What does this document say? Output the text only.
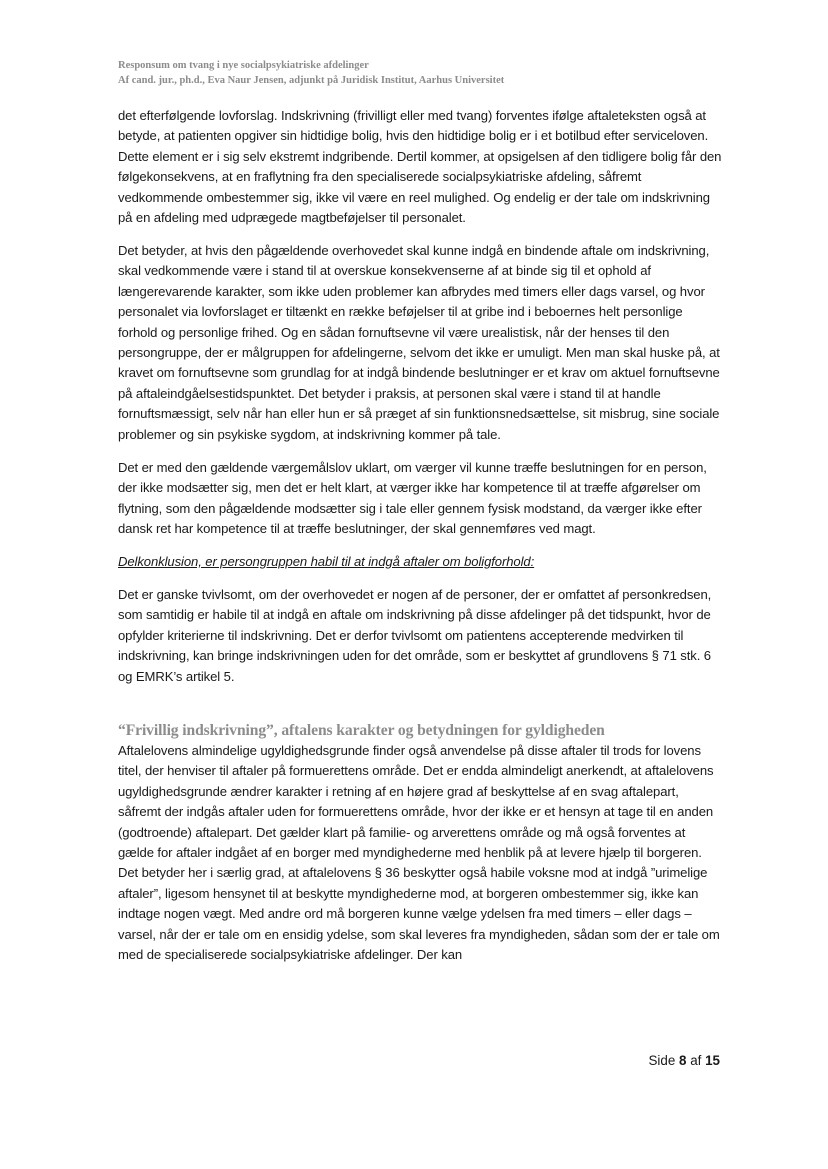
Responsum om tvang i nye socialpsykiatriske afdelinger
Af cand. jur., ph.d., Eva Naur Jensen, adjunkt på Juridisk Institut, Aarhus Universitet

det efterfølgende lovforslag. Indskrivning (frivilligt eller med tvang) forventes ifølge aftaleteksten også at betyde, at patienten opgiver sin hidtidige bolig, hvis den hidtidige bolig er i et botilbud efter serviceloven. Dette element er i sig selv ekstremt indgribende. Dertil kommer, at opsigelsen af den tidligere bolig får den følgekonsekvens, at en fraflytning fra den specialiserede socialpsykiatriske afdeling, såfremt vedkommende ombestemmer sig, ikke vil være en reel mulighed. Og endelig er der tale om indskrivning på en afdeling med udprægede magtbeføjelser til personalet.

Det betyder, at hvis den pågældende overhovedet skal kunne indgå en bindende aftale om indskrivning, skal vedkommende være i stand til at overskue konsekvenserne af at binde sig til et ophold af længerevarende karakter, som ikke uden problemer kan afbrydes med timers eller dags varsel, og hvor personalet via lovforslaget er tiltænkt en række beføjelser til at gribe ind i beboernes helt personlige forhold og personlige frihed. Og en sådan fornuftsevne vil være urealistisk, når der henses til den persongruppe, der er målgruppen for afdelingerne, selvom det ikke er umuligt. Men man skal huske på, at kravet om fornuftsevne som grundlag for at indgå bindende beslutninger er et krav om aktuel fornuftsevne på aftaleindgåelsestidspunktet. Det betyder i praksis, at personen skal være i stand til at handle fornuftsmæssigt, selv når han eller hun er så præget af sin funktionsnedsættelse, sit misbrug, sine sociale problemer og sin psykiske sygdom, at indskrivning kommer på tale.

Det er med den gældende værgemålslov uklart, om værger vil kunne træffe beslutningen for en person, der ikke modsætter sig, men det er helt klart, at værger ikke har kompetence til at træffe afgørelser om flytning, som den pågældende modsætter sig i tale eller gennem fysisk modstand, da værger ikke efter dansk ret har kompetence til at træffe beslutninger, der skal gennemføres ved magt.

Delkonklusion, er persongruppen habil til at indgå aftaler om boligforhold:

Det er ganske tvivlsomt, om der overhovedet er nogen af de personer, der er omfattet af personkredsen, som samtidig er habile til at indgå en aftale om indskrivning på disse afdelinger på det tidspunkt, hvor de opfylder kriterierne til indskrivning. Det er derfor tvivlsomt om patientens accepterende medvirken til indskrivning, kan bringe indskrivningen uden for det område, som er beskyttet af grundlovens § 71 stk. 6 og EMRK’s artikel 5.

“Frivillig indskrivning”, aftalens karakter og betydningen for gyldigheden

Aftalelovens almindelige ugyldighedsgrunde finder også anvendelse på disse aftaler til trods for lovens titel, der henviser til aftaler på formuerettens område. Det er endda almindeligt anerkendt, at aftalelovens ugyldighedsgrunde ændrer karakter i retning af en højere grad af beskyttelse af en svag aftalepart, såfremt der indgås aftaler uden for formuerettens område, hvor der ikke er et hensyn at tage til en anden (godtroende) aftalepart. Det gælder klart på familie- og arverettens område og må også forventes at gælde for aftaler indgået af en borger med myndighederne med henblik på at levere hjælp til borgeren. Det betyder her i særlig grad, at aftalelovens § 36 beskytter også habile voksne mod at indgå ”urimelige aftaler”, ligesom hensynet til at beskytte myndighederne mod, at borgeren ombestemmer sig, ikke kan indtage nogen vægt. Med andre ord må borgeren kunne vælge ydelsen fra med timers – eller dags – varsel, når der er tale om en ensidig ydelse, som skal leveres fra myndigheden, sådan som der er tale om med de specialiserede socialpsykiatriske afdelinger. Der kan

Side 8 af 15
